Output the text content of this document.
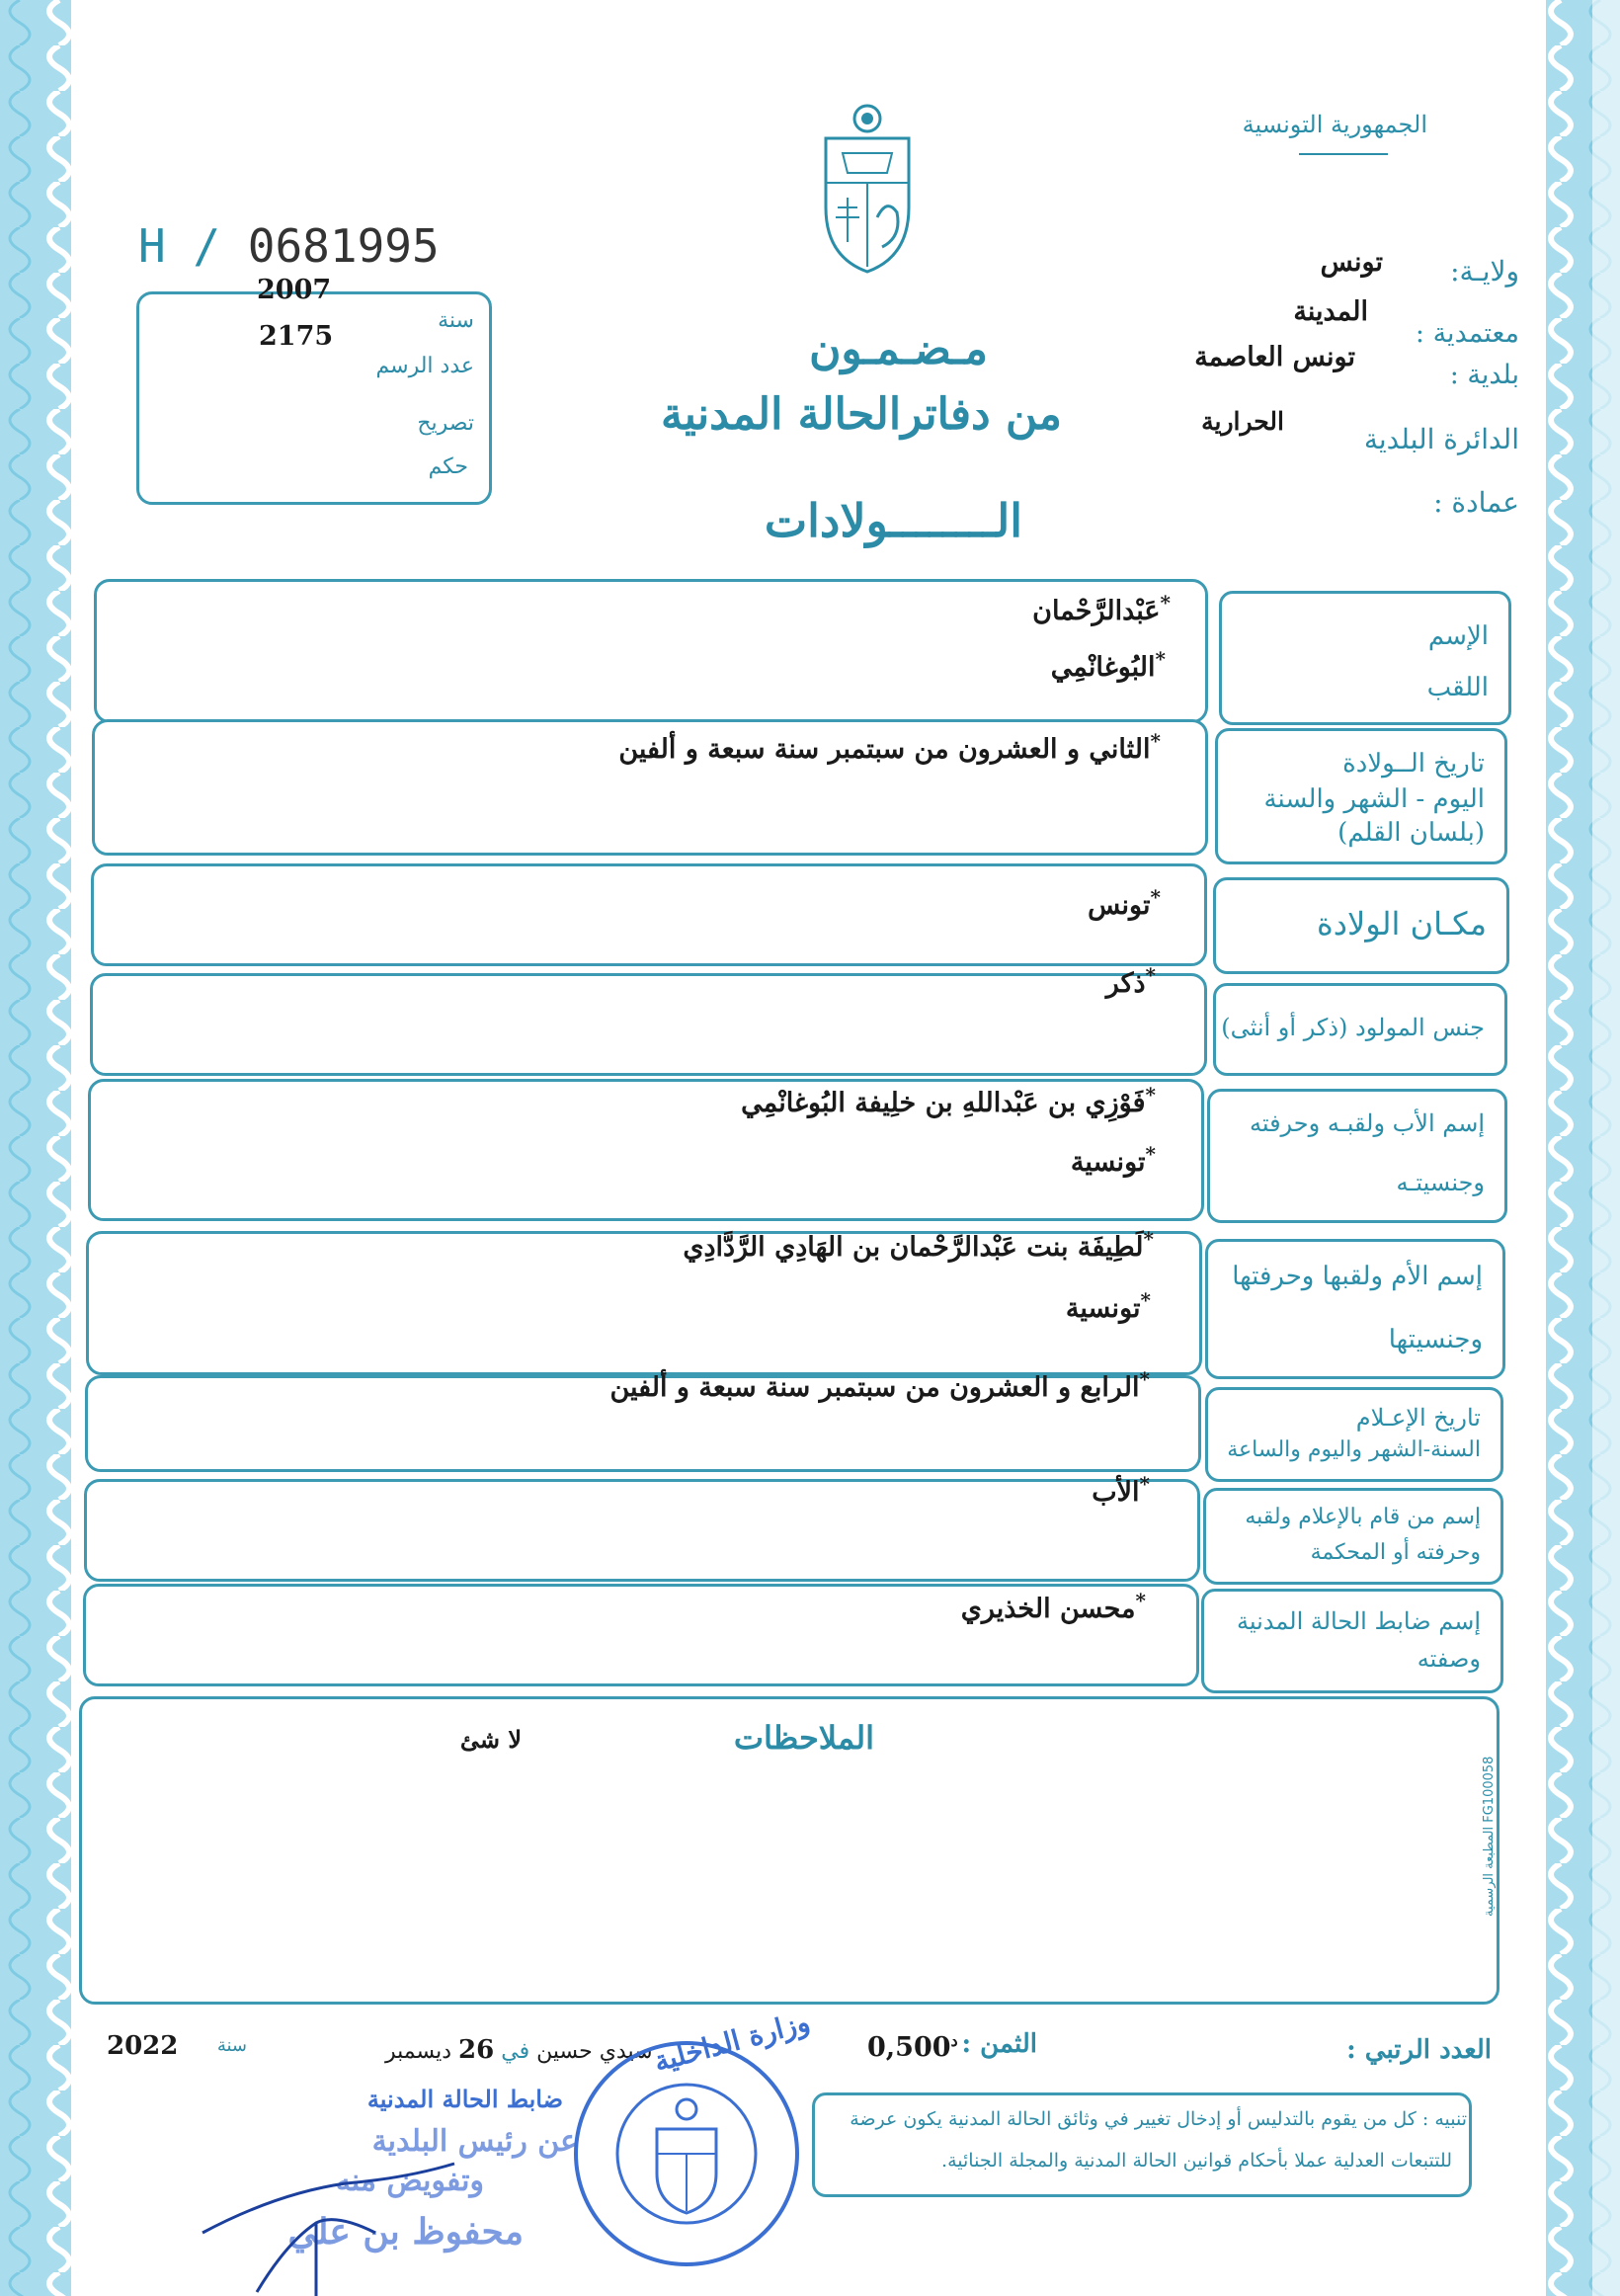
الجمهورية التونسية
H / 0681995
2007
2175
سنة
عدد الرسم
تصريح
حكم
ولايـة:
تونس
المدينة
معتمدية :
تونس العاصمة
بلدية :
الحرارية
الدائرة البلدية
عمادة :
مـضـمـون
من دفاترالحالة المدنية
الــــــــولادات
الإسم
اللقب
*عَبْدالرَّحْمان
*البُوغانْمِي
تاريخ الــولادة
اليوم - الشهر والسنة
(بلسان القلم)
*الثاني و العشرون من سبتمبر سنة سبعة و ألفين
مكـان الولادة
*تونس
جنس المولود (ذكر أو أنثى)
*ذكر
إسم الأب ولقبـه وحرفته
وجنسيتـه
*فَوْزِي بن عَبْداللهِ بن خلِيفة البُوغانْمِي
*تونسية
إسم الأم ولقبها وحرفتها
وجنسيتها
*لَطِيفَة بنت عَبْدالرَّحْمان بن الهَادِي الرَّدَّادِي
*تونسية
تاريخ الإعـلام
السنة-الشهر واليوم والساعة
*الرابع و العشرون من سبتمبر سنة سبعة و ألفين
إسم من قام بالإعلام ولقبه
وحرفته أو المحكمة
*الأب
إسم ضابط الحالة المدنية
وصفته
*محسن الخذيري
الملاحظات
لا شئ
المطبعة الرسمية FG100058
العدد الرتبي :
الثمن :
$0,500^د$
سيدي حسين في 26 ديسمبر
سنة
2022
ضابط الحالة المدنية
عن رئيس البلدية
وتفويض منه
محفوظ بن علي
وزارة الداخلية
تنبيه : كل من يقوم بالتدليس أو إدخال تغيير في وثائق الحالة المدنية يكون عرضة
للتتبعات العدلية عملا بأحكام قوانين الحالة المدنية والمجلة الجنائية.
